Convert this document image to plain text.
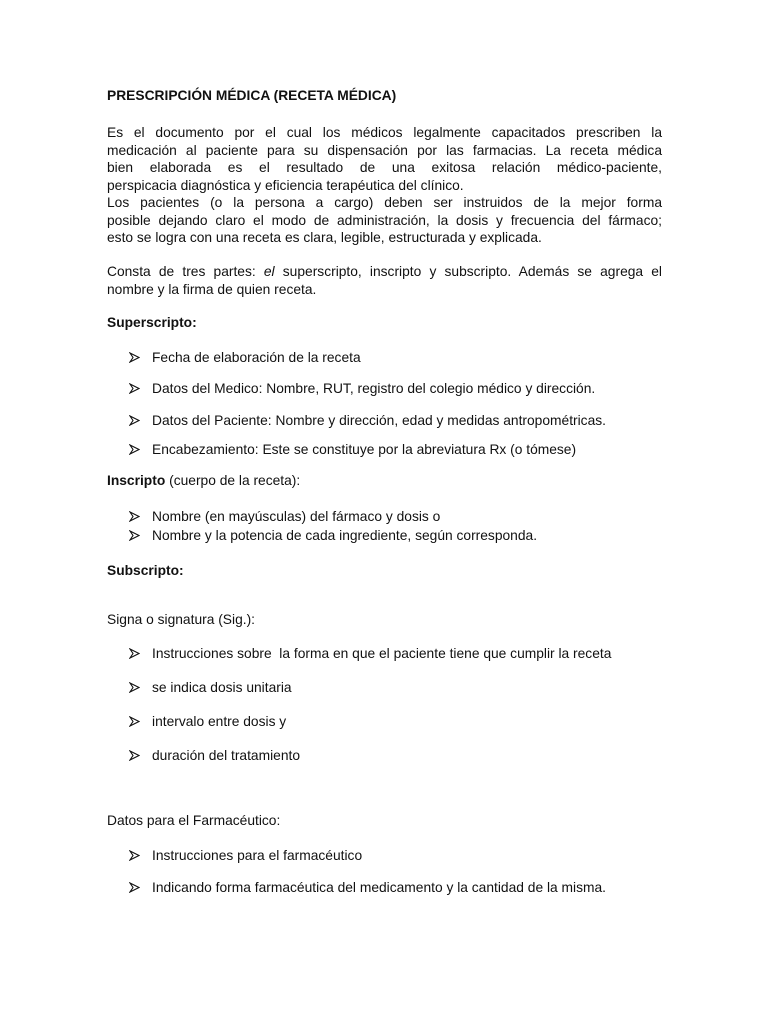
PRESCRIPCIÓN MÉDICA (RECETA MÉDICA)
Es el documento por el cual los médicos legalmente capacitados prescriben la
medicación al paciente para su dispensación por las farmacias. La receta médica
bien elaborada es el resultado de una exitosa relación médico-paciente,
perspicacia diagnóstica y eficiencia terapéutica del clínico.
Los pacientes (o la persona a cargo) deben ser instruidos de la mejor forma
posible dejando claro el modo de administración, la dosis y frecuencia del fármaco;
esto se logra con una receta es clara, legible, estructurada y explicada.
Consta de tres partes: el superscripto, inscripto y subscripto. Además se agrega el
nombre y la firma de quien receta.
Superscripto:
Fecha de elaboración de la receta
Datos del Medico: Nombre, RUT, registro del colegio médico y dirección.
Datos del Paciente: Nombre y dirección, edad y medidas antropométricas.
Encabezamiento: Este se constituye por la abreviatura Rx (o tómese)
Inscripto (cuerpo de la receta):
Nombre (en mayúsculas) del fármaco y dosis o
Nombre y la potencia de cada ingrediente, según corresponda.
Subscripto:
Signa o signatura (Sig.):
Instrucciones sobre  la forma en que el paciente tiene que cumplir la receta
se indica dosis unitaria
intervalo entre dosis y
duración del tratamiento
Datos para el Farmacéutico:
Instrucciones para el farmacéutico
Indicando forma farmacéutica del medicamento y la cantidad de la misma.
